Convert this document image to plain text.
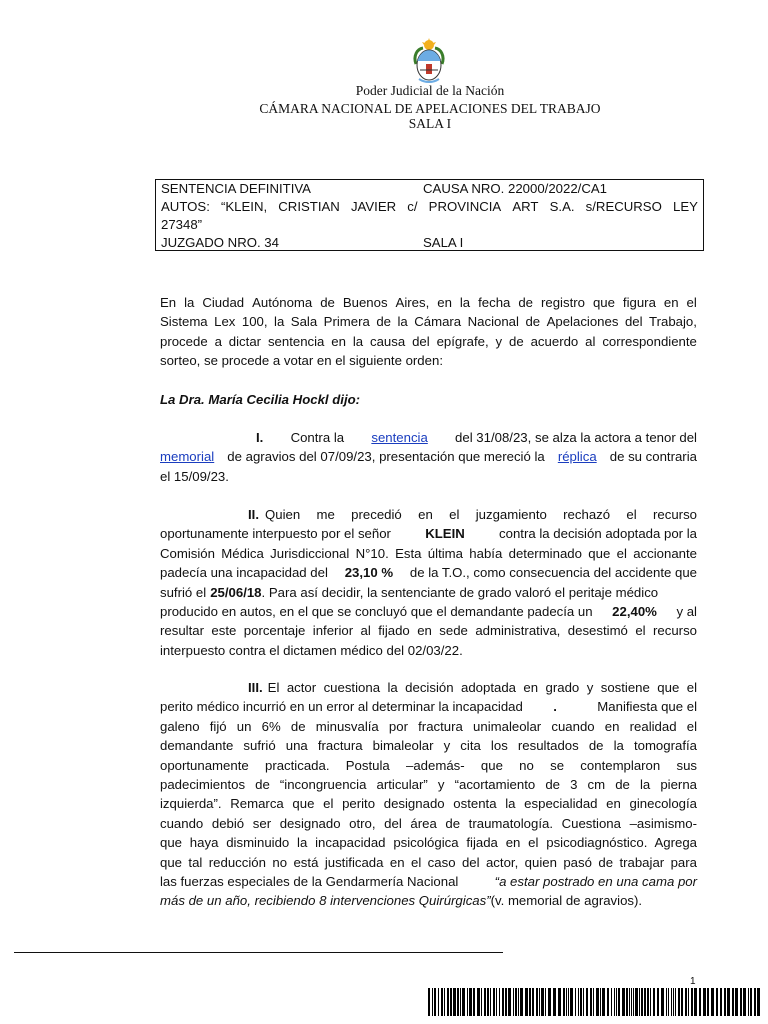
Poder Judicial de la Nación
CÁMARA NACIONAL DE APELACIONES DEL TRABAJO
SALA I
SENTENCIA DEFINITIVA	CAUSA NRO. 22000/2022/CA1
AUTOS: “KLEIN, CRISTIAN JAVIER c/ PROVINCIA ART S.A. s/RECURSO LEY
27348”
JUZGADO NRO. 34	SALA I
En la Ciudad Autónoma de Buenos Aires, en la fecha de registro que figura en el
Sistema Lex 100, la Sala Primera de la Cámara Nacional de Apelaciones del Trabajo,
procede a dictar sentencia en la causa del epígrafe, y de acuerdo al correspondiente
sorteo, se procede a votar en el siguiente orden:
La Dra. María Cecilia Hockl dijo:
I. Contra la sentencia del 31/08/23, se alza la actora a tenor del
memorial de agravios del 07/09/23, presentación que mereció la réplica de su contraria
el 15/09/23.
II. Quien me precedió en el juzgamiento rechazó el recurso
oportunamente interpuesto por el señor	KLEIN	contra la decisión adoptada por la
Comisión Médica Jurisdiccional N°10. Esta última había determinado que el accionante
padecía una incapacidad del 23,10 % de la T.O., como consecuencia del accidente que
sufrió el 25/06/18 . Para así decidir, la sentenciante de grado valoró el peritaje médico
producido en autos, en el que se concluyó que el demandante padecía un 22,40% y al
resultar este porcentaje inferior al fijado en sede administrativa, desestimó el recurso
interpuesto contra el dictamen médico del 02/03/22.
III. El actor cuestiona la decisión adoptada en grado y sostiene que el
perito médico incurrió en un error al determinar la incapacidad .	Manifiesta que el
galeno fijó un 6% de minusvalía por fractura unimaleolar cuando en realidad el
demandante sufrió una fractura bimaleolar y cita los resultados de la tomografía
oportunamente practicada. Postula –además- que no se contemplaron sus
padecimientos de “incongruencia articular” y “acortamiento de 3 cm de la pierna
izquierda”. Remarca que el perito designado ostenta la especialidad en ginecología
cuando debió ser designado otro, del área de traumatología. Cuestiona –asimismo-
que haya disminuido la incapacidad psicológica fijada en el psicodiagnóstico. Agrega
que tal reducción no está justificada en el caso del actor, quien pasó de trabajar para
las fuerzas especiales de la Gendarmería Nacional	“a estar postrado en una cama por
más de un año, recibiendo 8 intervenciones Quirúrgicas” (v. memorial de agravios).
1
